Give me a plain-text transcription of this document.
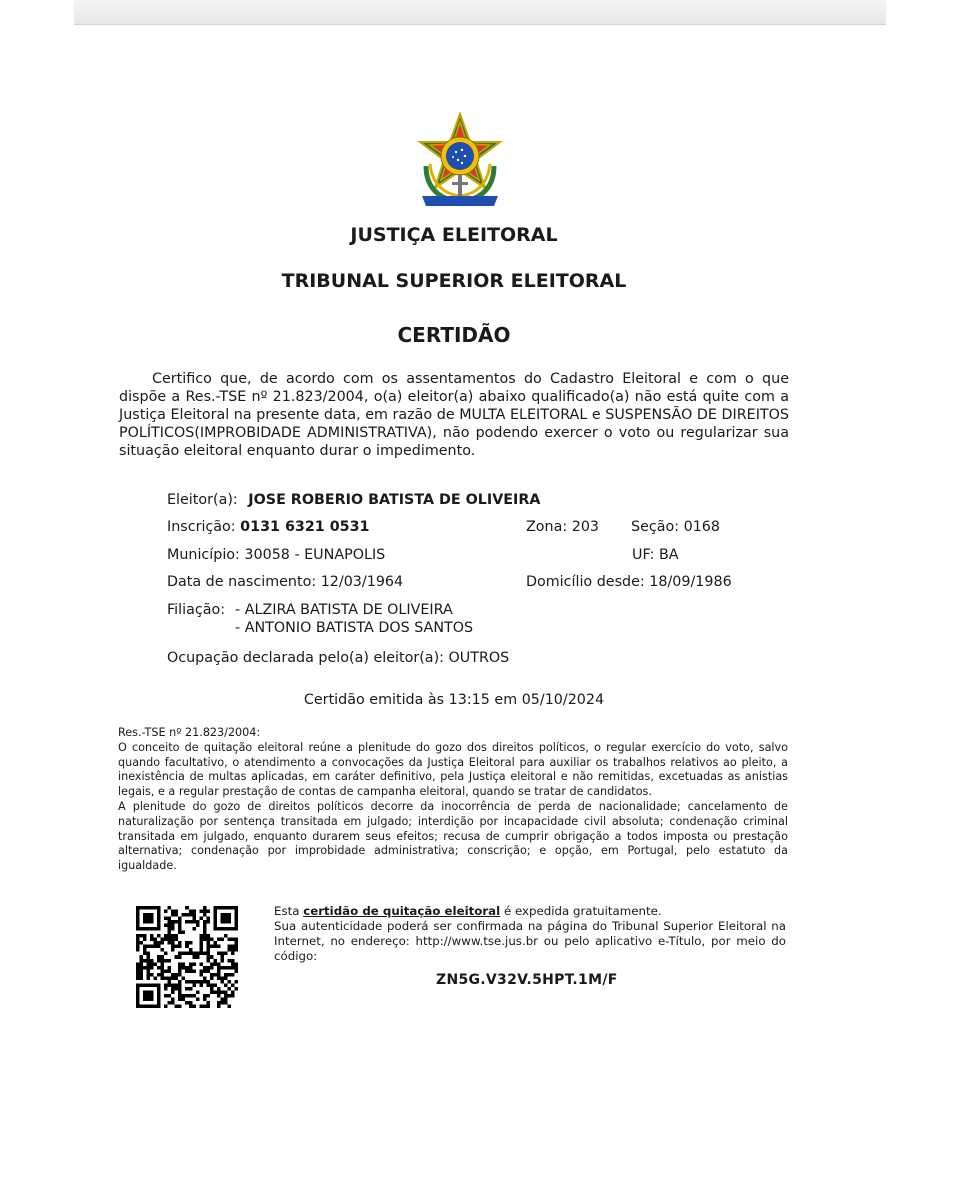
JUSTIÇA ELEITORAL
TRIBUNAL SUPERIOR ELEITORAL
CERTIDÃO
Certifico que, de acordo com os assentamentos do Cadastro Eleitoral e com o que dispõe a Res.-TSE nº 21.823/2004, o(a) eleitor(a) abaixo qualificado(a) não está quite com a Justiça Eleitoral na presente data, em razão de MULTA ELEITORAL e SUSPENSÃO DE DIREITOS POLÍTICOS(IMPROBIDADE ADMINISTRATIVA), não podendo exercer o voto ou regularizar sua situação eleitoral enquanto durar o impedimento.
Eleitor(a): JOSE ROBERIO BATISTA DE OLIVEIRA
Inscrição: 0131 6321 0531	Zona: 203 Seção: 0168
Município: 30058 - EUNAPOLIS	UF: BA
Data de nascimento: 12/03/1964	Domicílio desde: 18/09/1986
Filiação: - ALZIRA BATISTA DE OLIVEIRA
- ANTONIO BATISTA DOS SANTOS
Ocupação declarada pelo(a) eleitor(a): OUTROS
Certidão emitida às 13:15 em 05/10/2024

Res.-TSE nº 21.823/2004:

O conceito de quitação eleitoral reúne a plenitude do gozo dos direitos políticos, o regular exercício do voto, salvo quando facultativo, o atendimento a convocações da Justiça Eleitoral para auxiliar os trabalhos relativos ao pleito, a inexistência de multas aplicadas, em caráter definitivo, pela Justiça eleitoral e não remitidas, excetuadas as anistias legais, e a regular prestação de contas de campanha eleitoral, quando se tratar de candidatos.

A plenitude do gozo de direitos políticos decorre da inocorrência de perda de nacionalidade; cancelamento de naturalização por sentença transitada em julgado; interdição por incapacidade civil absoluta; condenação criminal transitada em julgado, enquanto durarem seus efeitos; recusa de cumprir obrigação a todos imposta ou prestação alternativa; condenação por improbidade administrativa; conscrição; e opção, em Portugal, pelo estatuto da igualdade.

Esta certidão de quitação eleitoral é expedida gratuitamente.

Sua autenticidade poderá ser confirmada na página do Tribunal Superior Eleitoral na Internet, no endereço: http://www.tse.jus.br ou pelo aplicativo e-Título, por meio do código:

ZN5G.V32V.5HPT.1M/F
